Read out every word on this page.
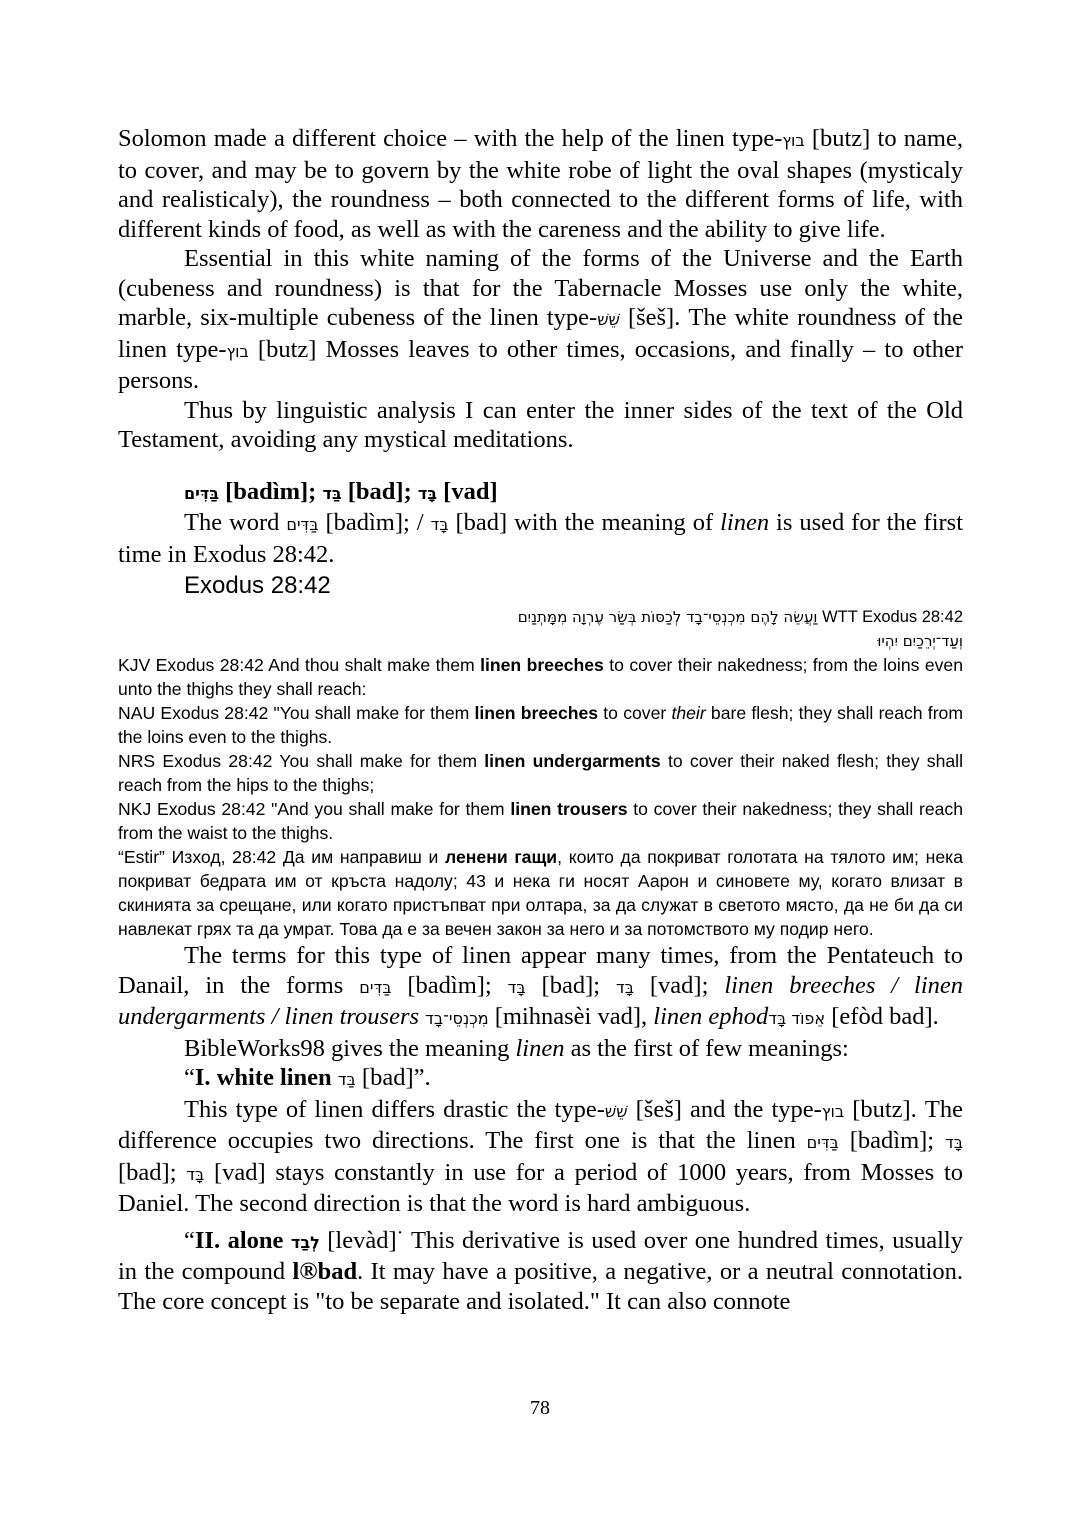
Solomon made a different choice – with the help of the linen type-בוץ [butz] to name, to cover, and may be to govern by the white robe of light the oval shapes (mysticaly and realisticaly), the roundness – both connected to the different forms of life, with different kinds of food, as well as with the careness and the ability to give life.

Essential in this white naming of the forms of the Universe and the Earth (cubeness and roundness) is that for the Tabernacle Mosses use only the white, marble, six-multiple cubeness of the linen type-שֵׁשׁ [šeš]. The white roundness of the linen type-בוץ [butz] Mosses leaves to other times, occasions, and finally – to other persons.

Thus by linguistic analysis I can enter the inner sides of the text of the Old Testament, avoiding any mystical meditations.

בַּדִּים [badìm]; בַּד [bad]; בָּד [vad]

The word בַּדִּים [badìm]; / בָּד [bad] with the meaning of linen is used for the first time in Exodus 28:42.

Exodus 28:42
וַעֲשֵׂה לָהֶם מִכְנְסֵי־בָד לְכַסּוֹת בְּשַׂר עֶרְוָה מִמָּתְנַיִם WTT Exodus 28:42
וְעַד־יְרֵכַיִם יִהְיוּ

KJV Exodus 28:42 And thou shalt make them linen breeches to cover their nakedness; from the loins even unto the thighs they shall reach:

NAU Exodus 28:42 "You shall make for them linen breeches to cover their bare flesh; they shall reach from the loins even to the thighs.

NRS Exodus 28:42 You shall make for them linen undergarments to cover their naked flesh; they shall reach from the hips to the thighs;

NKJ Exodus 28:42 "And you shall make for them linen trousers to cover their nakedness; they shall reach from the waist to the thighs.

“Estir” Изход, 28:42 Да им направиш и ленени гащи, които да покриват голотата на тялото им; нека покриват бедрата им от кръста надолу; 43 и нека ги носят Аарон и синовете му, когато влизат в скинията за срещане, или когато пристъпват при олтара, за да служат в светото място, да не би да си навлекат грях та да умрат. Това да е за вечен закон за него и за потомството му подир него.

The terms for this type of linen appear many times, from the Pentateuch to Danail, in the forms בַּדִּים [badìm]; בָּד [bad]; בָּד [vad]; linen breeches / linen undergarments / linen trousers מִכְנְסֵי־בָד [mihnasèi vad], linen ephodאֵפוֹד בָּד [efòd bad].

BibleWorks98 gives the meaning linen as the first of few meanings:

“I. white linen בַּד [bad]”.

This type of linen differs drastic the type-שֵׁשׁ [šeš] and the type-בוץ [butz]. The difference occupies two directions. The first one is that the linen בַּדִּים [badìm]; בָּד [bad]; בָּד [vad] stays constantly in use for a period of 1000 years, from Mosses to Daniel. The second direction is that the word is hard ambiguous.

“II. alone לְבַד [levàd]· This derivative is used over one hundred times, usually in the compound l®bad. It may have a positive, a negative, or a neutral connotation. The core concept is "to be separate and isolated." It can also connote

78
